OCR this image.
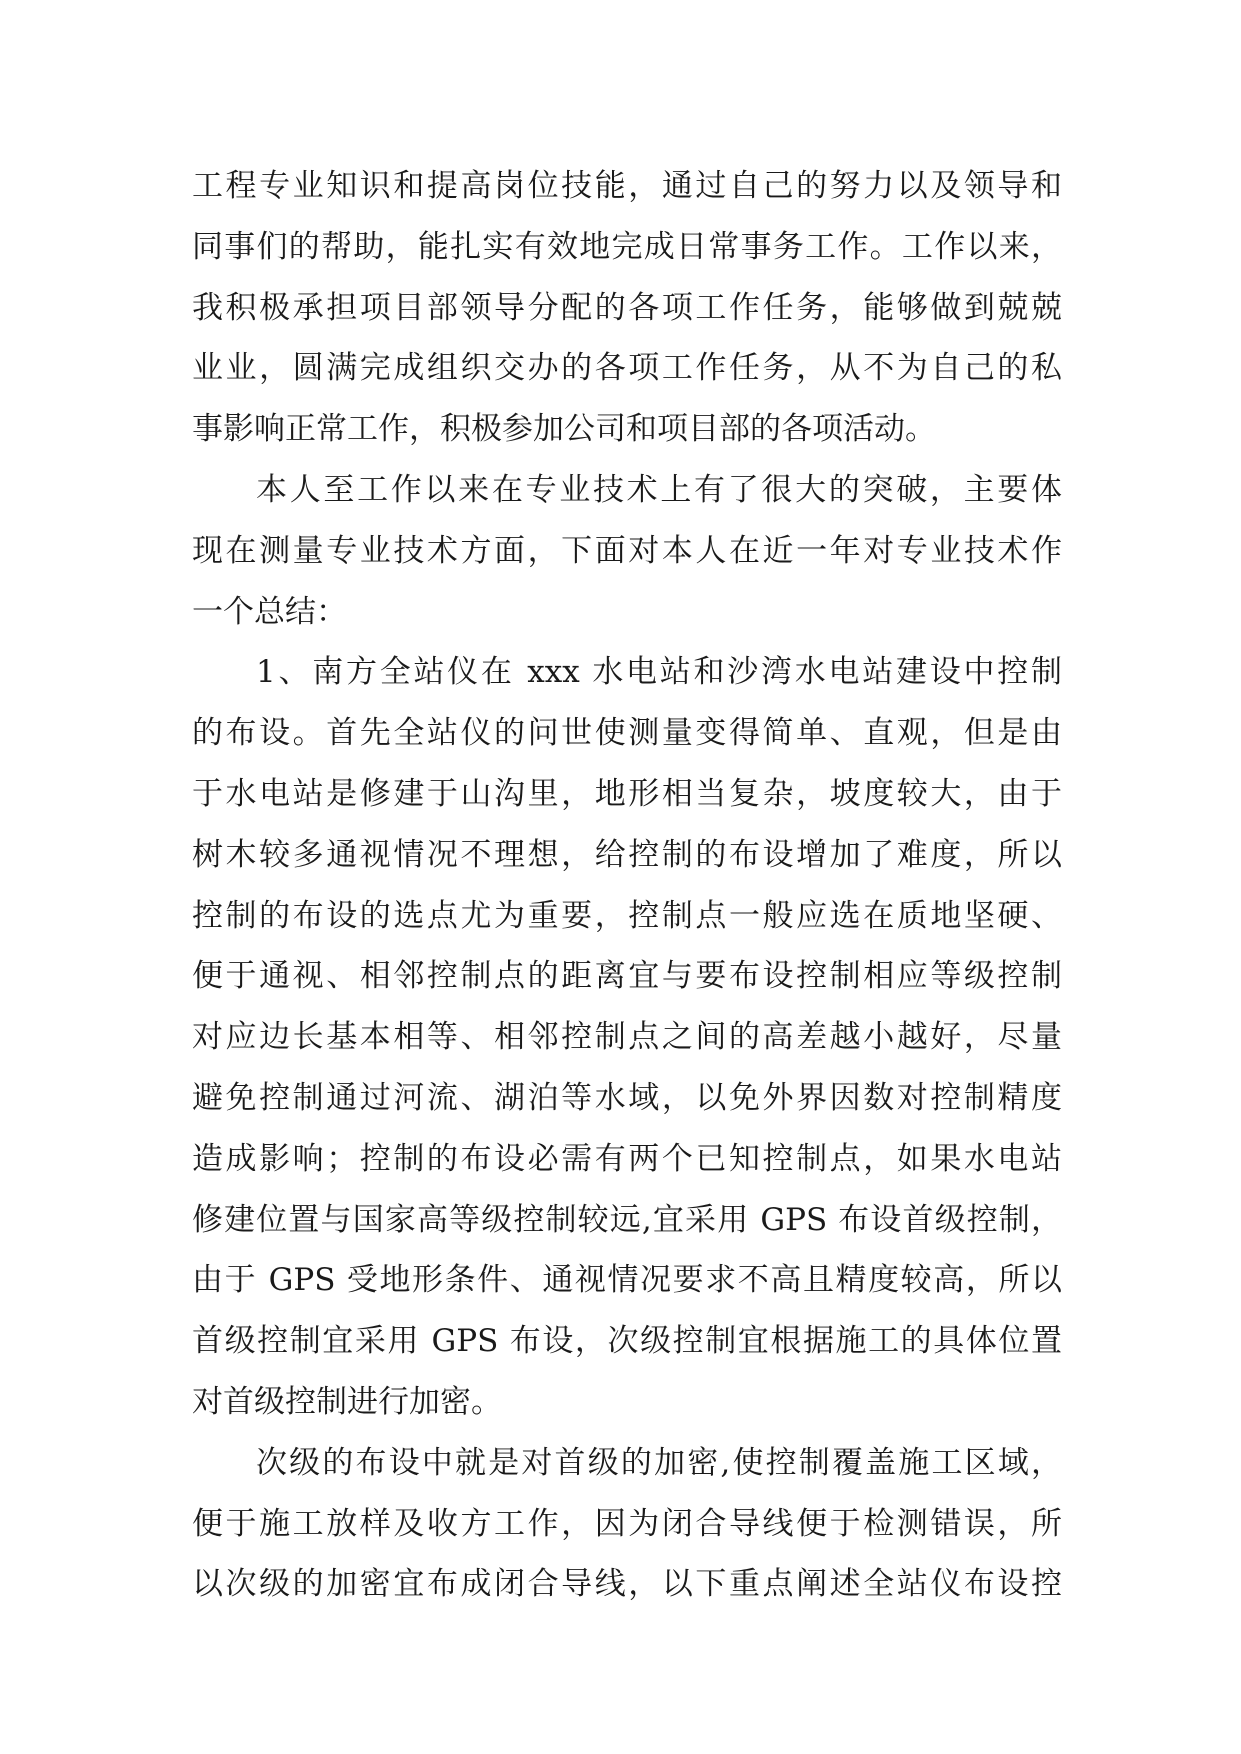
工程专业知识和提高岗位技能，通过自己的努力以及领导和
同事们的帮助，能扎实有效地完成日常事务工作。工作以来，
我积极承担项目部领导分配的各项工作任务，能够做到兢兢
业业，圆满完成组织交办的各项工作任务，从不为自己的私
事影响正常工作，积极参加公司和项目部的各项活动。
本人至工作以来在专业技术上有了很大的突破，主要体
现在测量专业技术方面，下面对本人在近一年对专业技术作
一个总结：
1、南方全站仪在 xxx 水电站和沙湾水电站建设中控制
的布设。首先全站仪的问世使测量变得简单、直观，但是由
于水电站是修建于山沟里，地形相当复杂，坡度较大，由于
树木较多通视情况不理想，给控制的布设增加了难度，所以
控制的布设的选点尤为重要，控制点一般应选在质地坚硬、
便于通视、相邻控制点的距离宜与要布设控制相应等级控制
对应边长基本相等、相邻控制点之间的高差越小越好，尽量
避免控制通过河流、湖泊等水域，以免外界因数对控制精度
造成影响；控制的布设必需有两个已知控制点，如果水电站
修建位置与国家高等级控制较远,宜采用 GPS 布设首级控制，
由于 GPS 受地形条件、通视情况要求不高且精度较高，所以
首级控制宜采用 GPS 布设，次级控制宜根据施工的具体位置
对首级控制进行加密。
次级的布设中就是对首级的加密,使控制覆盖施工区域，
便于施工放样及收方工作，因为闭合导线便于检测错误，所
以次级的加密宜布成闭合导线，以下重点阐述全站仪布设控
